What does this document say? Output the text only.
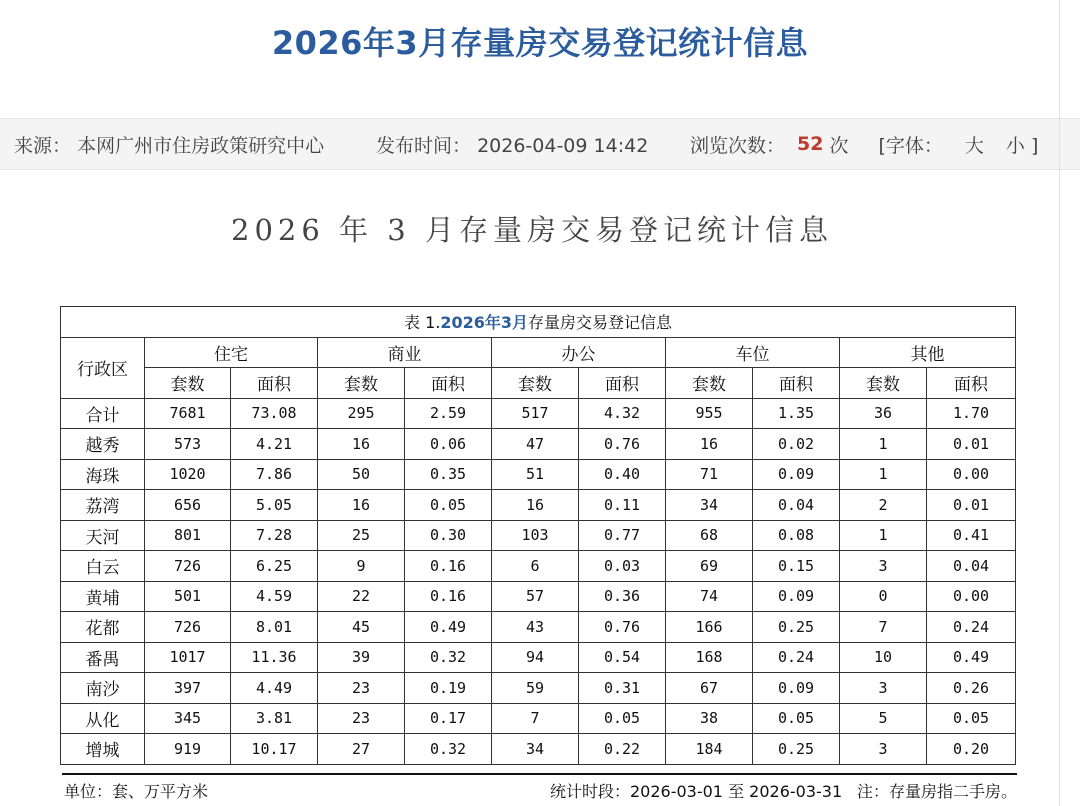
2026年3月存量房交易登记统计信息
来源： 本网广州市住房政策研究中心	发布时间： 2026-04-09 14:42	浏览次数： 52 次 [字体： 大 小 ]
2026 年 3 月存量房交易登记统计信息
表 1.2026年3月存量房交易登记信息										
行政区	住宅		商业		办公		车位		其他	
	套数	面积	套数	面积	套数	面积	套数	面积	套数	面积
合计	7681	73.08	295	2.59	517	4.32	955	1.35	36	1.70
越秀	573	4.21	16	0.06	47	0.76	16	0.02	1	0.01
海珠	1020	7.86	50	0.35	51	0.40	71	0.09	1	0.00
荔湾	656	5.05	16	0.05	16	0.11	34	0.04	2	0.01
天河	801	7.28	25	0.30	103	0.77	68	0.08	1	0.41
白云	726	6.25	9	0.16	6	0.03	69	0.15	3	0.04
黄埔	501	4.59	22	0.16	57	0.36	74	0.09	0	0.00
花都	726	8.01	45	0.49	43	0.76	166	0.25	7	0.24
番禺	1017	11.36	39	0.32	94	0.54	168	0.24	10	0.49
南沙	397	4.49	23	0.19	59	0.31	67	0.09	3	0.26
从化	345	3.81	23	0.17	7	0.05	38	0.05	5	0.05
增城	919	10.17	27	0.32	34	0.22	184	0.25	3	0.20
单位：套、万平方米	统计时段：2026-03-01 至 2026-03-31 注：存量房指二手房。
